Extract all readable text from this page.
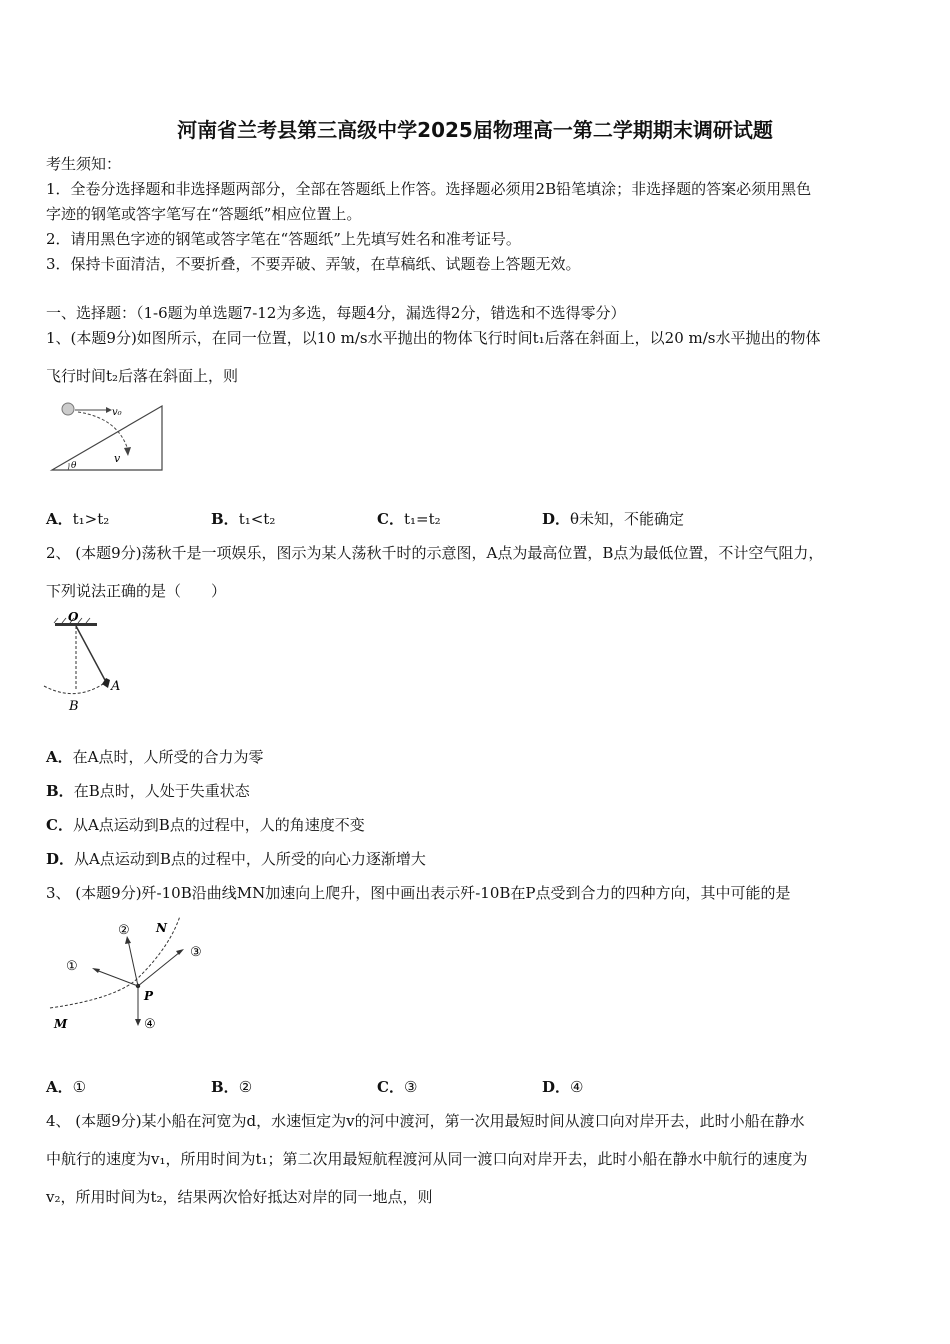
河南省兰考县第三高级中学2025届物理高一第二学期期末调研试题
考生须知：
1．全卷分选择题和非选择题两部分，全部在答题纸上作答。选择题必须用2B铅笔填涂；非选择题的答案必须用黑色
字迹的钢笔或答字笔写在“答题纸”相应位置上。
2．请用黑色字迹的钢笔或答字笔在“答题纸”上先填写姓名和准考证号。
3．保持卡面清洁，不要折叠，不要弄破、弄皱，在草稿纸、试题卷上答题无效。
一、选择题：（1-6题为单选题7-12为多选，每题4分，漏选得2分，错选和不选得零分）
1、(本题9分)如图所示，在同一位置，以10 m/s水平抛出的物体飞行时间t₁后落在斜面上，以20 m/s水平抛出的物体
飞行时间t₂后落在斜面上，则
v₀
v
θ
A．t₁>t₂	B．t₁<t₂	C．t₁=t₂	D．θ未知，不能确定
2、 (本题9分)荡秋千是一项娱乐，图示为某人荡秋千时的示意图，A点为最高位置，B点为最低位置，不计空气阻力，
下列说法正确的是（　　）
O
A
B
A．在A点时，人所受的合力为零
B．在B点时，人处于失重状态
C．从A点运动到B点的过程中，人的角速度不变
D．从A点运动到B点的过程中，人所受的向心力逐渐增大
3、 (本题9分)歼-10B沿曲线MN加速向上爬升，图中画出表示歼-10B在P点受到合力的四种方向，其中可能的是
①
②
③
④
N
M
P
A．①	B．②	C．③	D．④
4、 (本题9分)某小船在河宽为d，水速恒定为v的河中渡河，第一次用最短时间从渡口向对岸开去，此时小船在静水
中航行的速度为v₁，所用时间为t₁；第二次用最短航程渡河从同一渡口向对岸开去，此时小船在静水中航行的速度为
v₂，所用时间为t₂，结果两次恰好抵达对岸的同一地点，则
